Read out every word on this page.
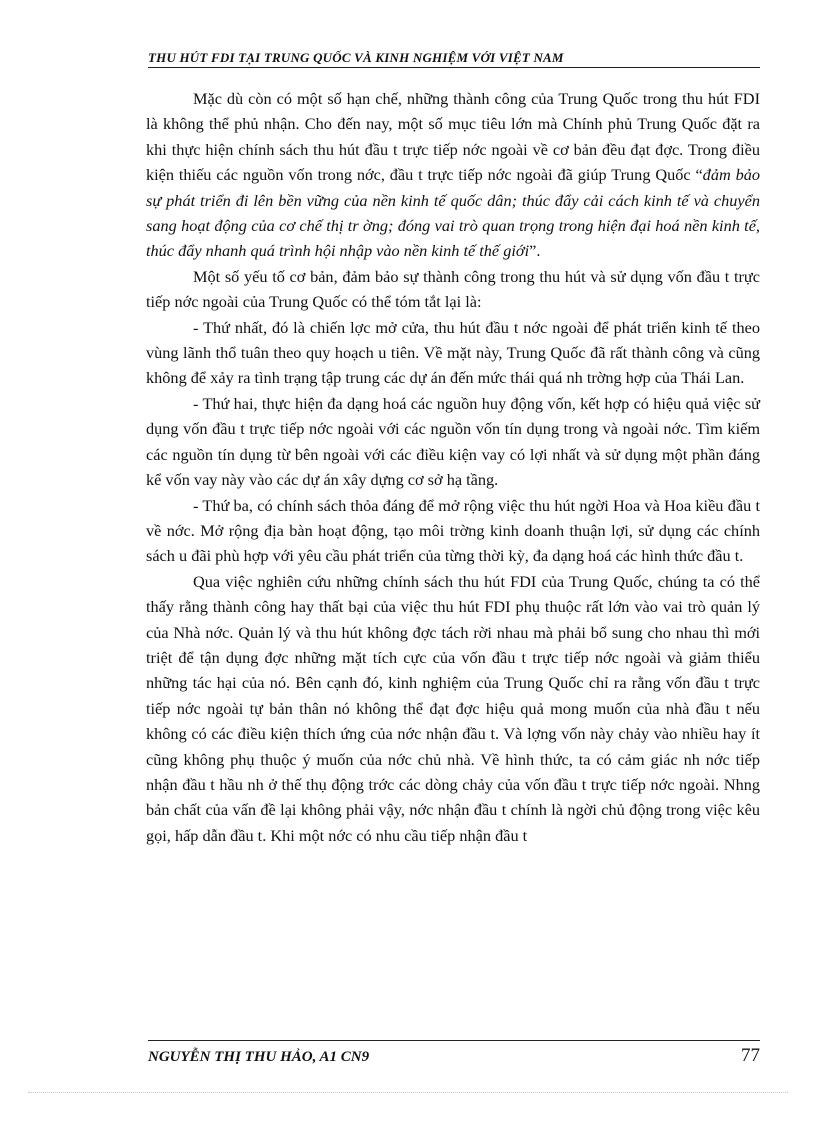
THU HÚT FDI TẠI TRUNG QUỐC VÀ KINH NGHIỆM VỚI VIỆT NAM

Mặc dù còn có một số hạn chế, những thành công của Trung Quốc trong thu hút FDI là không thể phủ nhận. Cho đến nay, một số mục tiêu lớn mà Chính phủ Trung Quốc đặt ra khi thực hiện chính sách thu hút đầu t trực tiếp nớc ngoài về cơ bản đều đạt đợc. Trong điều kiện thiếu các nguồn vốn trong nớc, đầu t trực tiếp nớc ngoài đã giúp Trung Quốc “đảm bảo sự phát triển đi lên bền vững của nền kinh tế quốc dân; thúc đẩy cải cách kinh tế và chuyển sang hoạt động của cơ chế thị tr ờng; đóng vai trò quan trọng trong hiện đại hoá nền kinh tế, thúc đẩy nhanh quá trình hội nhập vào nền kinh tế thế giới”.

Một số yếu tố cơ bản, đảm bảo sự thành công trong thu hút và sử dụng vốn đầu t trực tiếp nớc ngoài của Trung Quốc có thể tóm tắt lại là:

- Thứ nhất, đó là chiến lợc mở cửa, thu hút đầu t nớc ngoài để phát triển kinh tế theo vùng lãnh thổ tuân theo quy hoạch u tiên. Về mặt này, Trung Quốc đã rất thành công và cũng không để xảy ra tình trạng tập trung các dự án đến mức thái quá nh trờng hợp của Thái Lan.

- Thứ hai, thực hiện đa dạng hoá các nguồn huy động vốn, kết hợp có hiệu quả việc sử dụng vốn đầu t trực tiếp nớc ngoài với các nguồn vốn tín dụng trong và ngoài nớc. Tìm kiếm các nguồn tín dụng từ bên ngoài với các điều kiện vay có lợi nhất và sử dụng một phần đáng kể vốn vay này vào các dự án xây dựng cơ sở hạ tầng.

- Thứ ba, có chính sách thỏa đáng để mở rộng việc thu hút ngời Hoa và Hoa kiều đầu t về nớc. Mở rộng địa bàn hoạt động, tạo môi trờng kinh doanh thuận lợi, sử dụng các chính sách u đãi phù hợp với yêu cầu phát triển của từng thời kỳ, đa dạng hoá các hình thức đầu t.

Qua việc nghiên cứu những chính sách thu hút FDI của Trung Quốc, chúng ta có thể thấy rằng thành công hay thất bại của việc thu hút FDI phụ thuộc rất lớn vào vai trò quản lý của Nhà nớc. Quản lý và thu hút không đợc tách rời nhau mà phải bổ sung cho nhau thì mới triệt để tận dụng đợc những mặt tích cực của vốn đầu t trực tiếp nớc ngoài và giảm thiểu những tác hại của nó. Bên cạnh đó, kinh nghiệm của Trung Quốc chỉ ra rằng vốn đầu t trực tiếp nớc ngoài tự bản thân nó không thể đạt đợc hiệu quả mong muốn của nhà đầu t nếu không có các điều kiện thích ứng của nớc nhận đầu t. Và lợng vốn này chảy vào nhiều hay ít cũng không phụ thuộc ý muốn của nớc chủ nhà. Về hình thức, ta có cảm giác nh nớc tiếp nhận đầu t hầu nh ở thế thụ động trớc các dòng chảy của vốn đầu t trực tiếp nớc ngoài. Nhng bản chất của vấn đề lại không phải vậy, nớc nhận đầu t chính là ngời chủ động trong việc kêu gọi, hấp dẫn đầu t. Khi một nớc có nhu cầu tiếp nhận đầu t

NGUYỄN THỊ THU HẢO, A1 CN9	77
